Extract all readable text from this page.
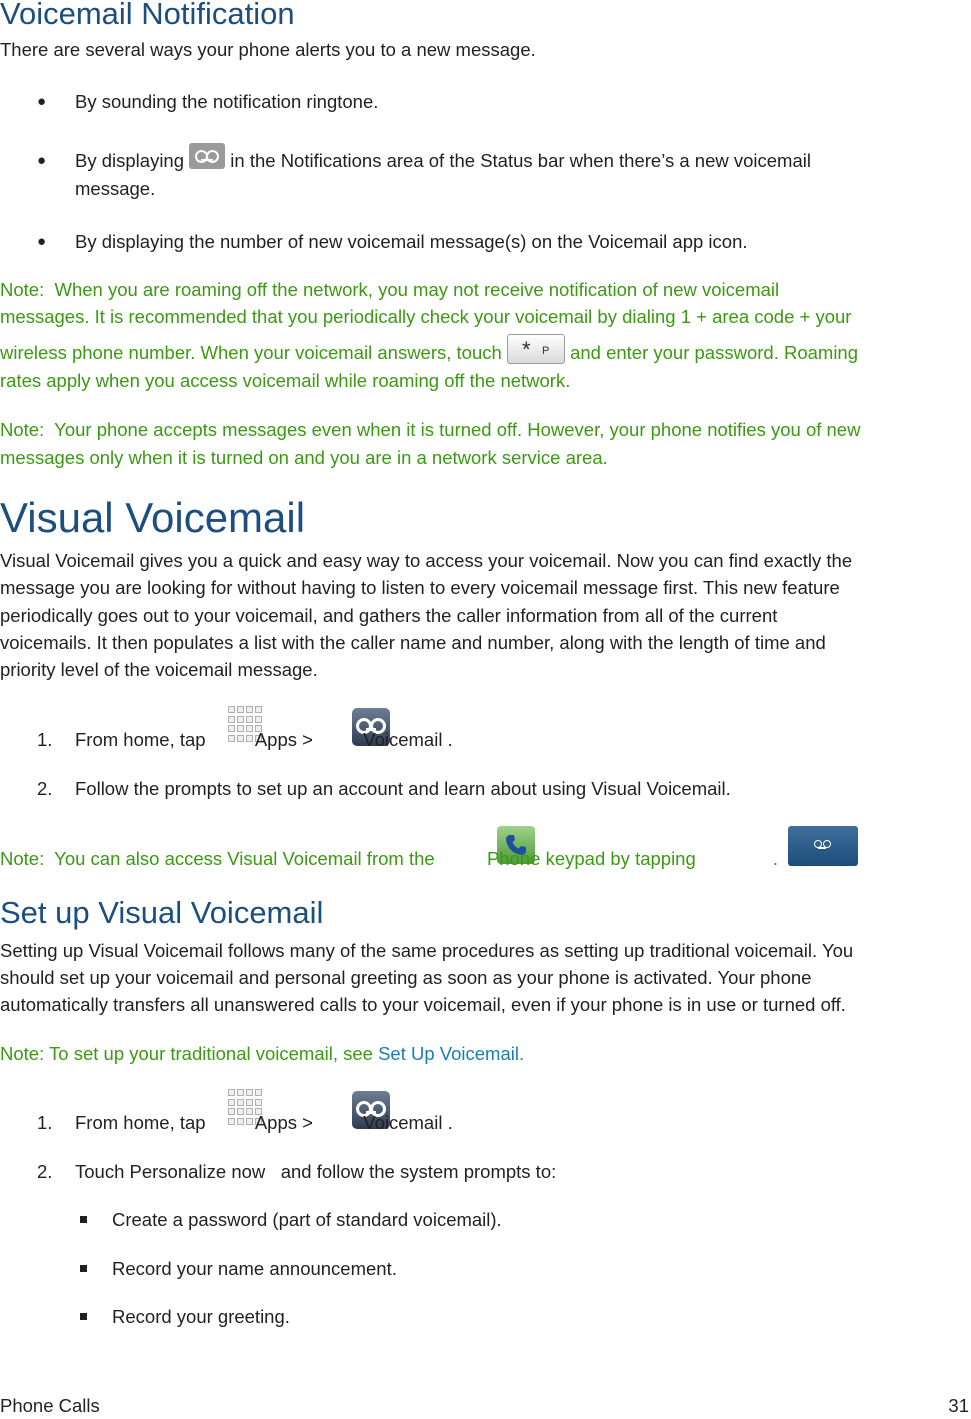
Voicemail Notification
There are several ways your phone alerts you to a new message.
● By sounding the notification ringtone.
● By displaying	in the Notifications area of the Status bar when there’s a new voicemail
message.
● By displaying the number of new voicemail message(s) on the Voicemail app icon.
Note: When you are roaming off the network, you may not receive notification of new voicemail
messages. It is recommended that you periodically check your voicemail by dialing 1 + area code + your
wireless phone number. When your voicemail answers, touch * P and enter your password. Roaming
rates apply when you access voicemail while roaming off the network.
Note: Your phone accepts messages even when it is turned off. However, your phone notifies you of new
messages only when it is turned on and you are in a network service area.
Visual Voicemail
Visual Voicemail gives you a quick and easy way to access your voicemail. Now you can find exactly the
message you are looking for without having to listen to every voicemail message first. This new feature
periodically goes out to your voicemail, and gathers the caller information from all of the current
voicemails. It then populates a list with the caller name and number, along with the length of time and
priority level of the voicemail message.
1. From home, tap	Apps >	Voicemail .
2. Follow the prompts to set up an account and learn about using Visual Voicemail.
Note: You can also access Visual Voicemail from the	Phone keypad by tapping	.
Set up Visual Voicemail
Setting up Visual Voicemail follows many of the same procedures as setting up traditional voicemail. You
should set up your voicemail and personal greeting as soon as your phone is activated. Your phone
automatically transfers all unanswered calls to your voicemail, even if your phone is in use or turned off.
Note: To set up your traditional voicemail, see Set Up Voicemail.
1. From home, tap	Apps >	Voicemail .
2. Touch Personalize now and follow the system prompts to:
Create a password (part of standard voicemail).
Record your name announcement.
Record your greeting.
Phone Calls	31
